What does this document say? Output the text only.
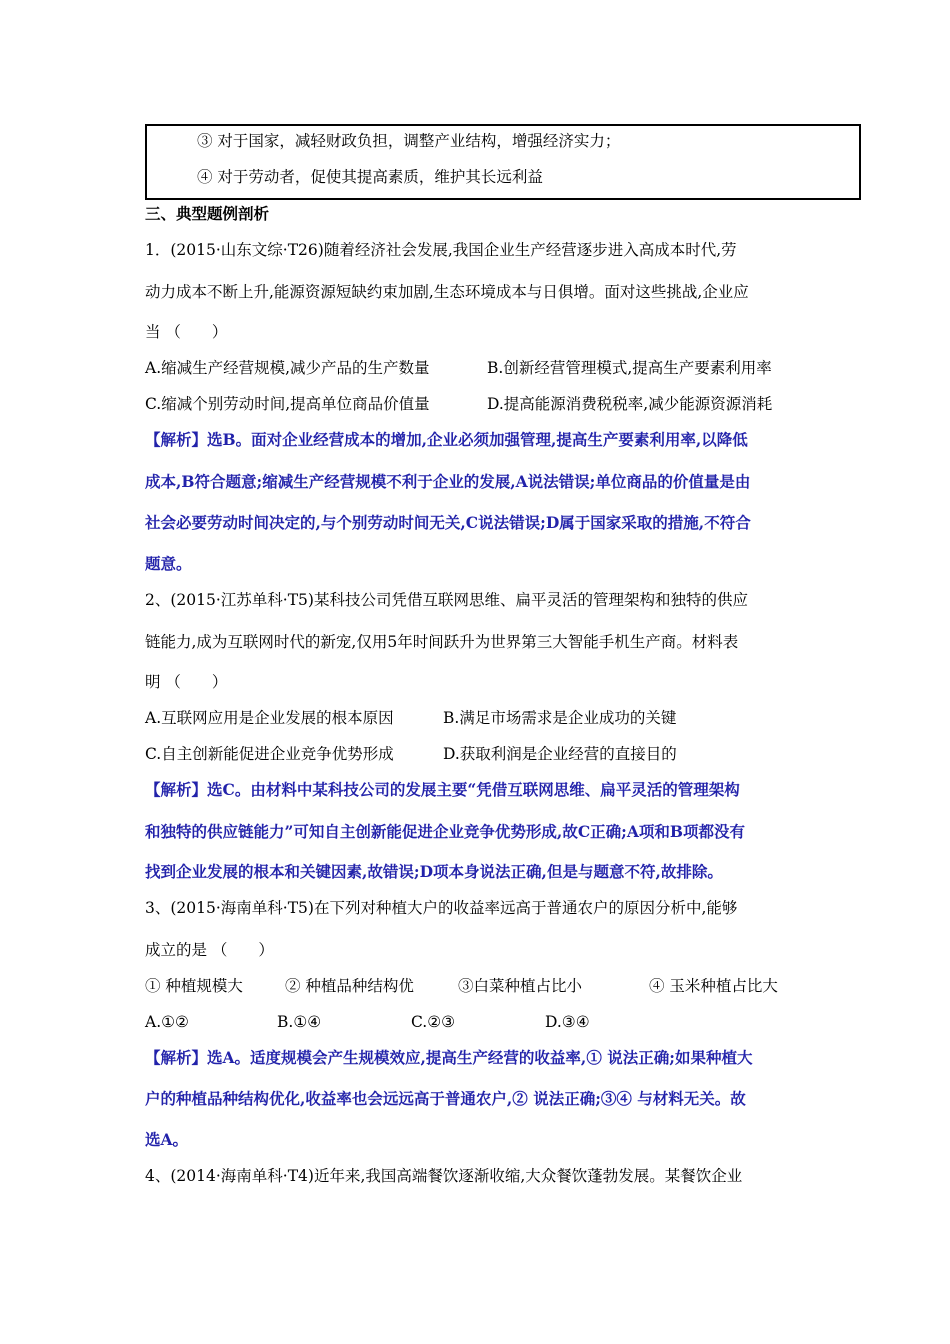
③ 对于国家，减轻财政负担，调整产业结构，增强经济实力；
④ 对于劳动者，促使其提高素质，维护其长远利益
三、典型题例剖析
1．(2015·山东文综·T26)随着经济社会发展,我国企业生产经营逐步进入高成本时代,劳
动力成本不断上升,能源资源短缺约束加剧,生态环境成本与日俱增。面对这些挑战,企业应
当 （　　）
A.缩减生产经营规模,减少产品的生产数量	B.创新经营管理模式,提高生产要素利用率
C.缩减个别劳动时间,提高单位商品价值量	D.提高能源消费税税率,减少能源资源消耗
【解析】选B。面对企业经营成本的增加,企业必须加强管理,提高生产要素利用率,以降低
成本,B符合题意;缩减生产经营规模不利于企业的发展,A说法错误;单位商品的价值量是由
社会必要劳动时间决定的,与个别劳动时间无关,C说法错误;D属于国家采取的措施,不符合
题意。
2、(2015·江苏单科·T5)某科技公司凭借互联网思维、扁平灵活的管理架构和独特的供应
链能力,成为互联网时代的新宠,仅用5年时间跃升为世界第三大智能手机生产商。材料表
明 （　　）
A.互联网应用是企业发展的根本原因	B.满足市场需求是企业成功的关键
C.自主创新能促进企业竞争优势形成	D.获取利润是企业经营的直接目的
【解析】选C。由材料中某科技公司的发展主要“凭借互联网思维、扁平灵活的管理架构
和独特的供应链能力”可知自主创新能促进企业竞争优势形成,故C正确;A项和B项都没有
找到企业发展的根本和关键因素,故错误;D项本身说法正确,但是与题意不符,故排除。
3、(2015·海南单科·T5)在下列对种植大户的收益率远高于普通农户的原因分析中,能够
成立的是 （　　）
① 种植规模大	② 种植品种结构优	③白菜种植占比小	④ 玉米种植占比大
A.①②	B.①④	C.②③	D.③④
【解析】选A。适度规模会产生规模效应,提高生产经营的收益率,① 说法正确;如果种植大
户的种植品种结构优化,收益率也会远远高于普通农户,② 说法正确;③④ 与材料无关。故
选A。
4、(2014·海南单科·T4)近年来,我国高端餐饮逐渐收缩,大众餐饮蓬勃发展。某餐饮企业
